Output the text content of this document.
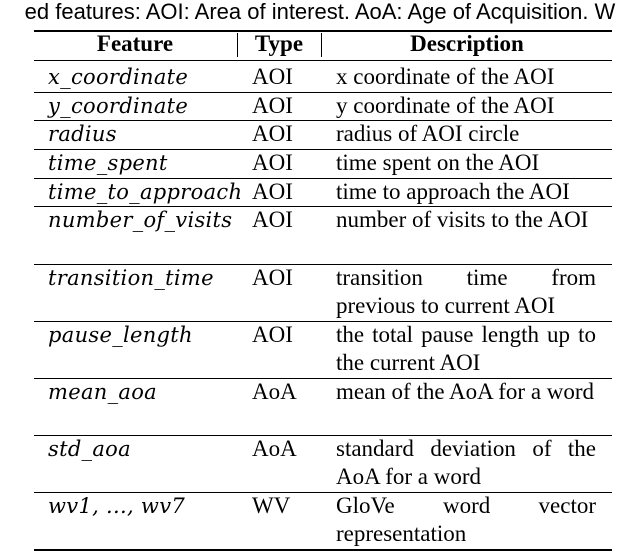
ed features: AOI: Area of interest. AoA: Age of Acquisition. W
Feature	Type	Description
x_coordinate	AOI x coordinate of the AOI
y_coordinate	AOI y coordinate of the AOI
radius	AOI radius of AOI circle
time_spent	AOI time spent on the AOI
time_to_approach AOI time to approach the AOI
number_of_visits AOI number of visits to the AOI
transition_time AOI transition time from previous to current AOI
pause_length	AOI the total pause length up to the current AOI
mean_aoa	AoA mean of the AoA for a word
std_aoa	AoA standard deviation of the AoA for a word
wv1, ..., wv7	WV GloVe word vector representation
